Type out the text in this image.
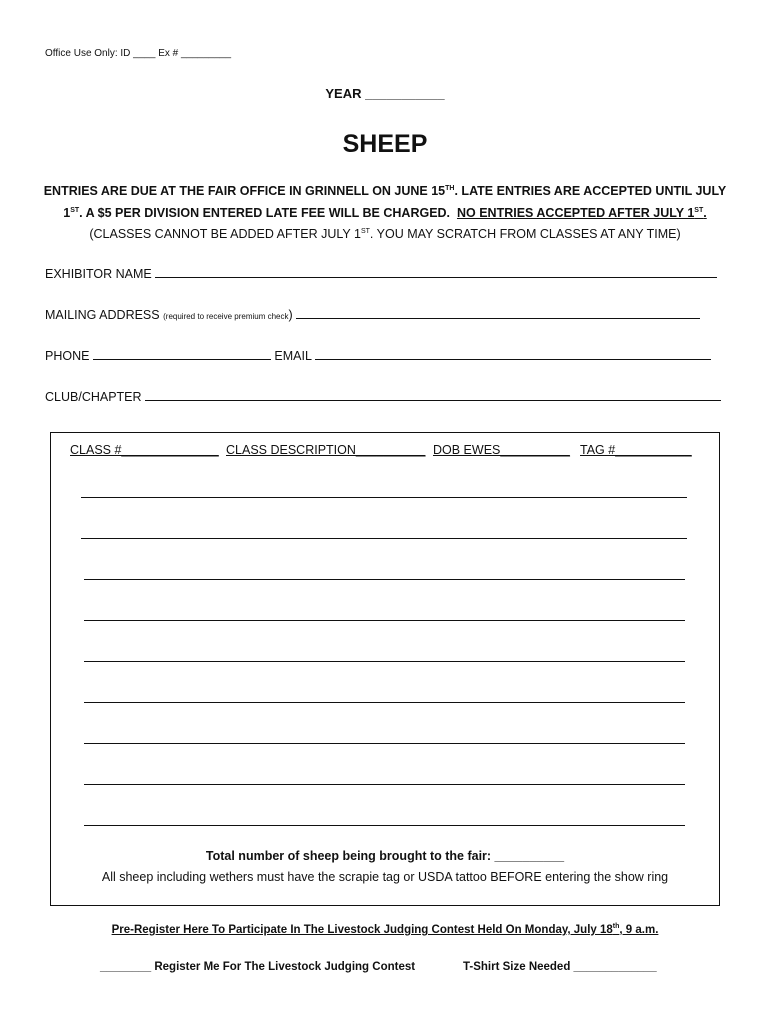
Office Use Only: ID ____ Ex # _________
YEAR ___________
SHEEP
ENTRIES ARE DUE AT THE FAIR OFFICE IN GRINNELL ON JUNE 15TH. LATE ENTRIES ARE ACCEPTED UNTIL JULY
1ST. A $5 PER DIVISION ENTERED LATE FEE WILL BE CHARGED. NO ENTRIES ACCEPTED AFTER JULY 1ST.
(CLASSES CANNOT BE ADDED AFTER JULY 1ST. YOU MAY SCRATCH FROM CLASSES AT ANY TIME)
EXHIBITOR NAME
MAILING ADDRESS (required to receive premium check)
PHONE	EMAIL
CLUB/CHAPTER
CLASS #______________ CLASS DESCRIPTION__________ DOB EWES__________ TAG #___________
Total number of sheep being brought to the fair: __________
All sheep including wethers must have the scrapie tag or USDA tattoo BEFORE entering the show ring
Pre-Register Here To Participate In The Livestock Judging Contest Held On Monday, July 18th, 9 a.m.
________ Register Me For The Livestock Judging Contest	T-Shirt Size Needed _____________
